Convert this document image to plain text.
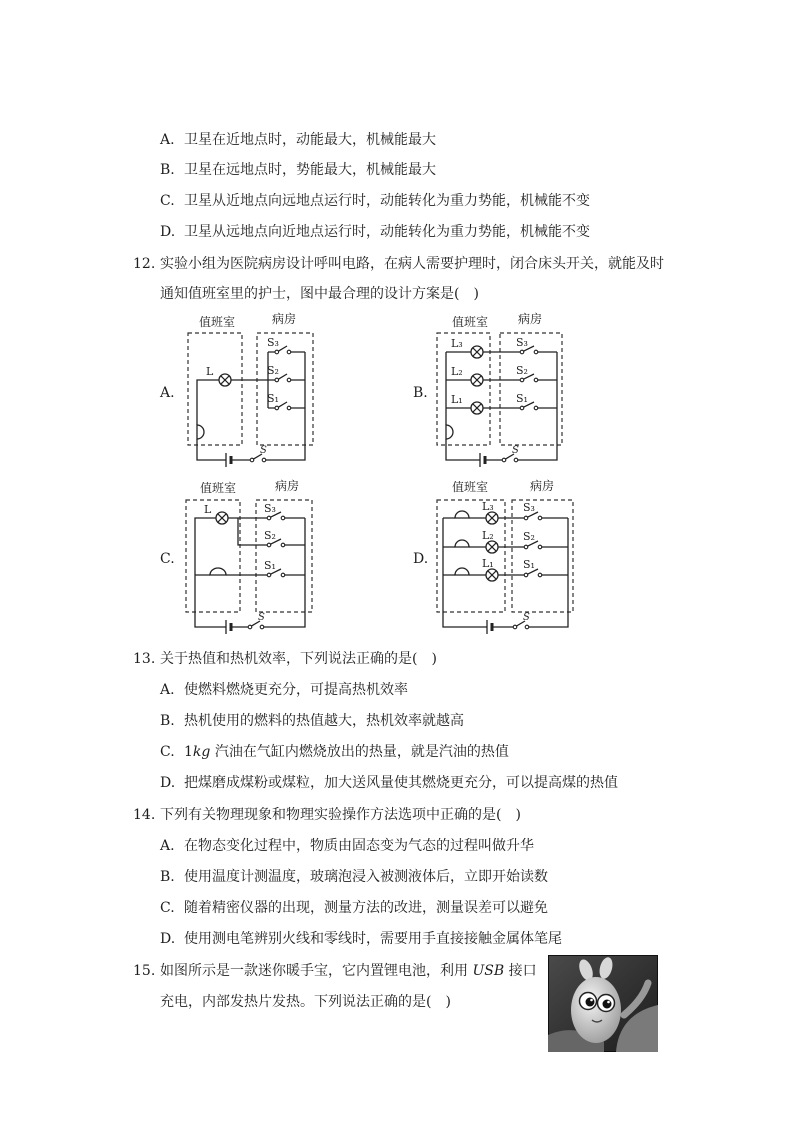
A. 卫星在近地点时，动能最大，机械能最大
B. 卫星在远地点时，势能最大，机械能最大
C. 卫星从近地点向远地点运行时，动能转化为重力势能，机械能不变
D. 卫星从远地点向近地点运行时，动能转化为重力势能，机械能不变
12. 实验小组为医院病房设计呼叫电路，在病人需要护理时，闭合床头开关，就能及时
通知值班室里的护士，图中最合理的设计方案是(　)
A.	B.
C.	D.
值班室	病房
L
S
S₃
S₂
S₁
值班室 病房
L₃
L₂
L₁
S₃
S₂
S₁
S
值班室	病房
L	S₃
S₂
S₁
S
值班室	病房
L₃
L₂
L₁
S₃
S₂
S₁
S
13. 关于热值和热机效率，下列说法正确的是(　)
A. 使燃料燃烧更充分，可提高热机效率
B. 热机使用的燃料的热值越大，热机效率就越高
C. 1kg 汽油在气缸内燃烧放出的热量，就是汽油的热值
D. 把煤磨成煤粉或煤粒，加大送风量使其燃烧更充分，可以提高煤的热值
14. 下列有关物理现象和物理实验操作方法选项中正确的是(　)
A. 在物态变化过程中，物质由固态变为气态的过程叫做升华
B. 使用温度计测温度，玻璃泡浸入被测液体后，立即开始读数
C. 随着精密仪器的出现，测量方法的改进，测量误差可以避免
D. 使用测电笔辨别火线和零线时，需要用手直接接触金属体笔尾
15. 如图所示是一款迷你暖手宝，它内置锂电池，利用 USB 接口
充电，内部发热片发热。下列说法正确的是(　)
